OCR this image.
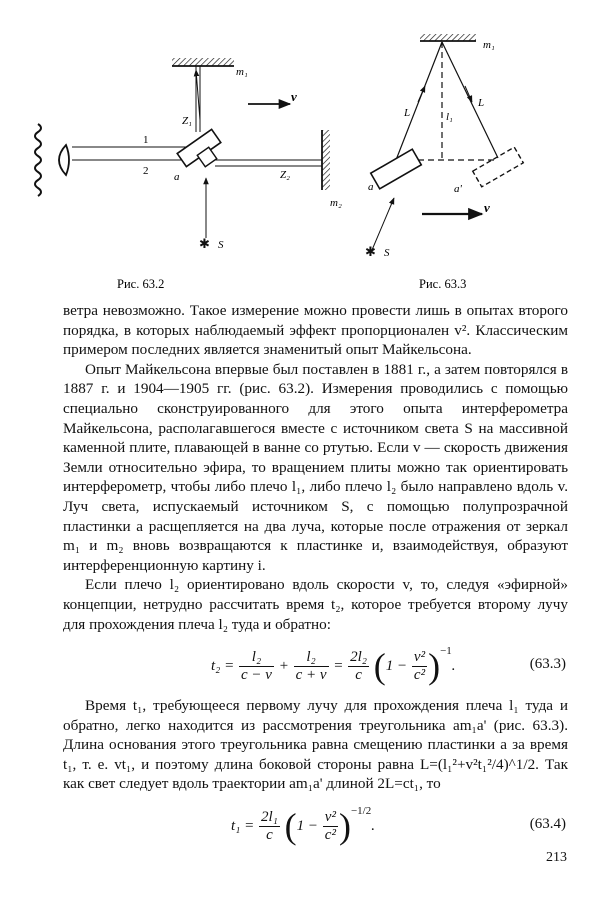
✱
m₁
m₂
Z₁
Z₂
a
S
1
2
v
Рис. 63.2
✱
m₁
L
L
l₁
a	a'
S
v
Рис. 63.3

ветра невозможно. Такое измерение можно провести лишь в опытах второго порядка, в которых наблюдаемый эффект пропорционален v². Классическим примером последних является знаменитый опыт Майкельсона.

Опыт Майкельсона впервые был поставлен в 1881 г., а затем повторялся в 1887 г. и 1904—1905 гг. (рис. 63.2). Измерения проводились с помощью специально сконструированного для этого опыта интерферометра Майкельсона, располагавшегося вместе с источником света S на массивной каменной плите, плавающей в ванне со ртутью. Если v — скорость движения Земли относительно эфира, то вращением плиты можно так ориентировать интерферометр, чтобы либо плечо l₁, либо плечо l₂ было направлено вдоль v. Луч света, испускаемый источником S, с помощью полупрозрачной пластинки a расщепляется на два луча, которые после отражения от зеркал m₁ и m₂ вновь возвращаются к пластинке и, взаимодействуя, образуют интерференционную картину i.

Если плечо l₂ ориентировано вдоль скорости v, то, следуя «эфирной» концепции, нетрудно рассчитать время t₂, которое требуется второму лучу для прохождения плеча l₂ туда и обратно:

$t_2 = \frac{\text{l₂}}{c - v} + \frac{\text{l₂}}{c + v} = \frac{\text{2l₂}}{c} (1 - \frac{\text{v²}}{\text{c²}} )^{-1}$.	(63.3)

Время t₁, требующееся первому лучу для прохождения плеча l₁ туда и обратно, легко находится из рассмотрения треугольника am₁a' (рис. 63.3). Длина основания этого треугольника равна смещению пластинки a за время t₁, т. е. vt₁, и поэтому длина боковой стороны равна L=(l₁²+v²t₁²/4)^1/2. Так как свет следует вдоль траектории am₁a' длиной 2L=ct₁, то

$t_1 = \frac{\text{2l₁}}{c} (1 - \frac{\text{v²}}{\text{c²}} )^{-1/2}$.	(63.4)
213
